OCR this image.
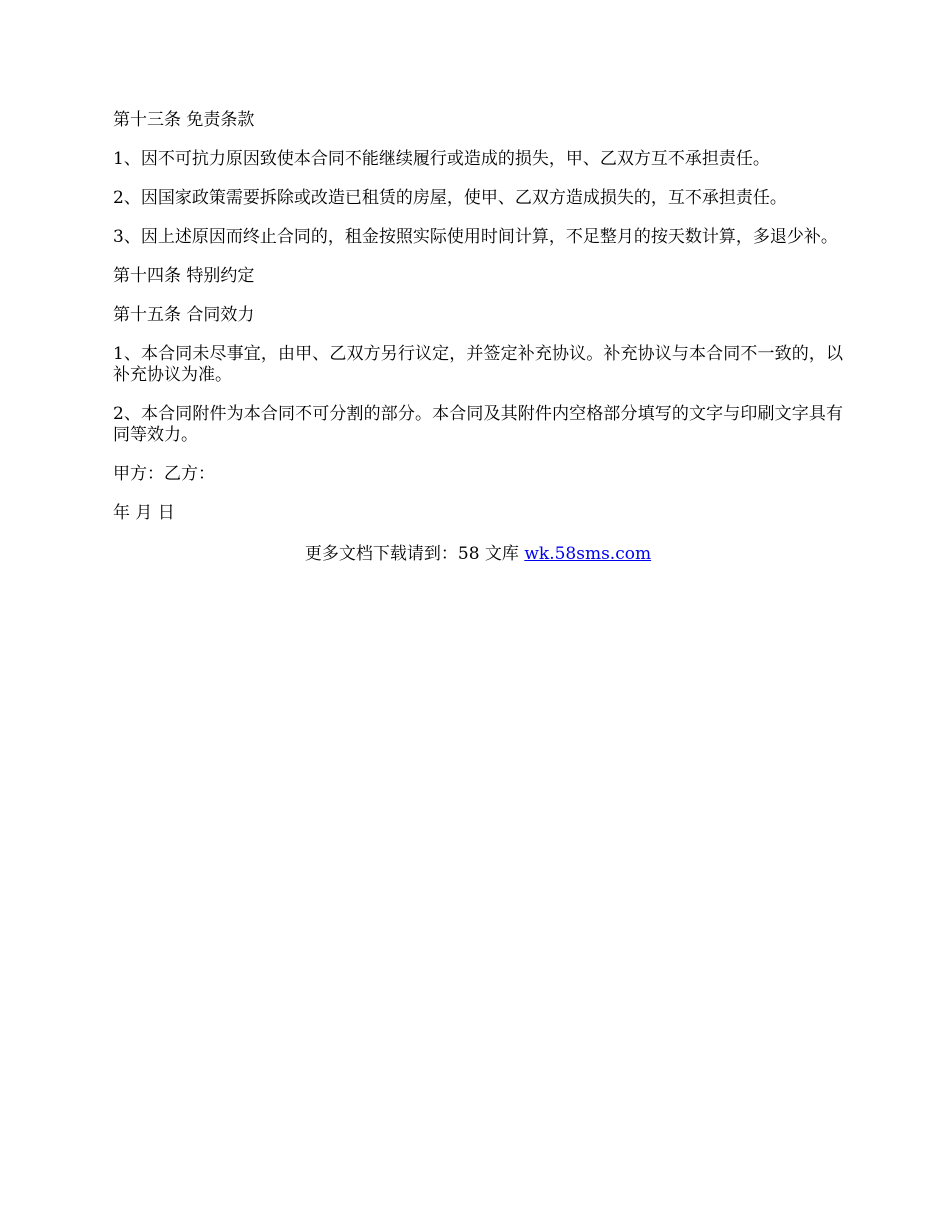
第十三条 免责条款

1、因不可抗力原因致使本合同不能继续履行或造成的损失，甲、乙双方互不承担责任。

2、因国家政策需要拆除或改造已租赁的房屋，使甲、乙双方造成损失的，互不承担责任。

3、因上述原因而终止合同的，租金按照实际使用时间计算，不足整月的按天数计算，多退少补。

第十四条 特别约定

第十五条 合同效力

1、本合同未尽事宜，由甲、乙双方另行议定，并签定补充协议。补充协议与本合同不一致的，以补充协议为准。

2、本合同附件为本合同不可分割的部分。本合同及其附件内空格部分填写的文字与印刷文字具有同等效力。

甲方：乙方：

年 月 日

更多文档下载请到：58 文库 wk.58sms.com
